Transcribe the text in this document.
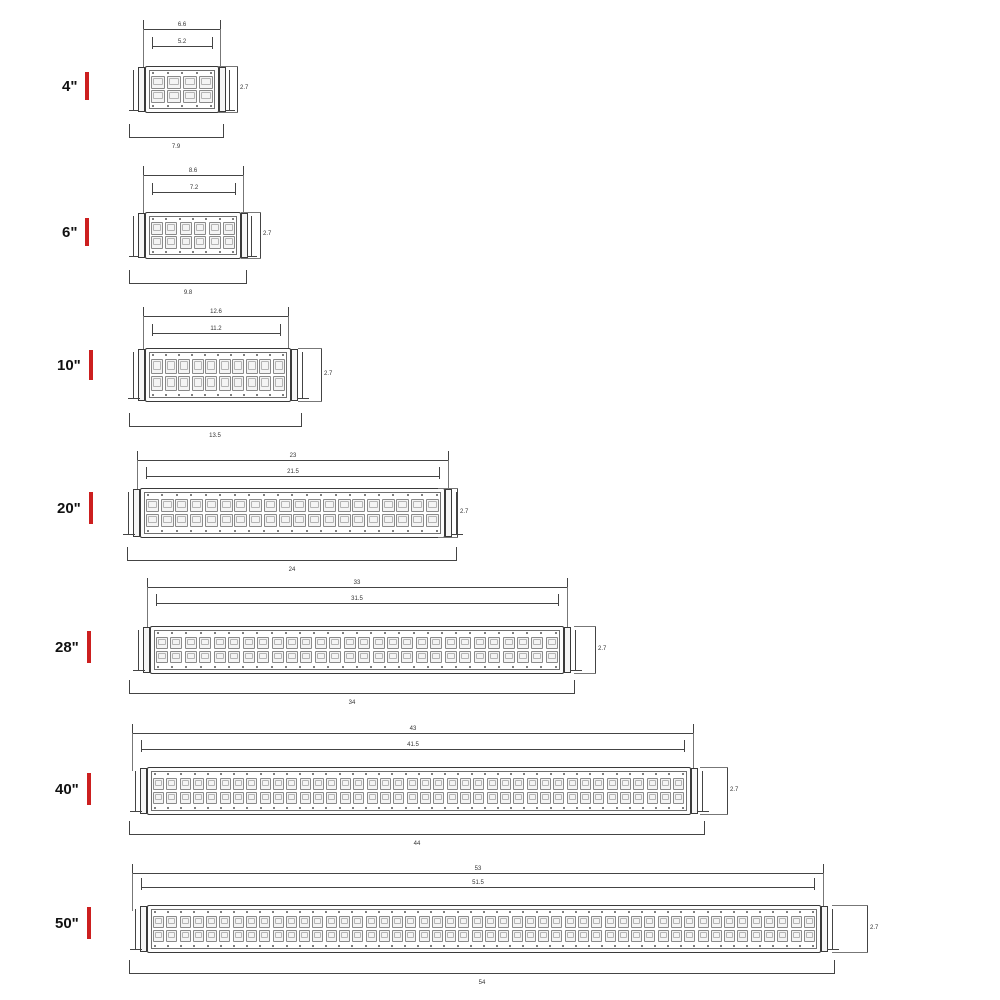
4"
6.6
5.2
2.7
7.9
6"
8.6
7.2
2.7
9.8
10"
12.6
11.2
2.7
13.5
20"
23
21.5
2.7
24
28"
33
31.5
2.7
34
40"
43
41.5
2.7
44
50"
53
51.5
2.7
54
